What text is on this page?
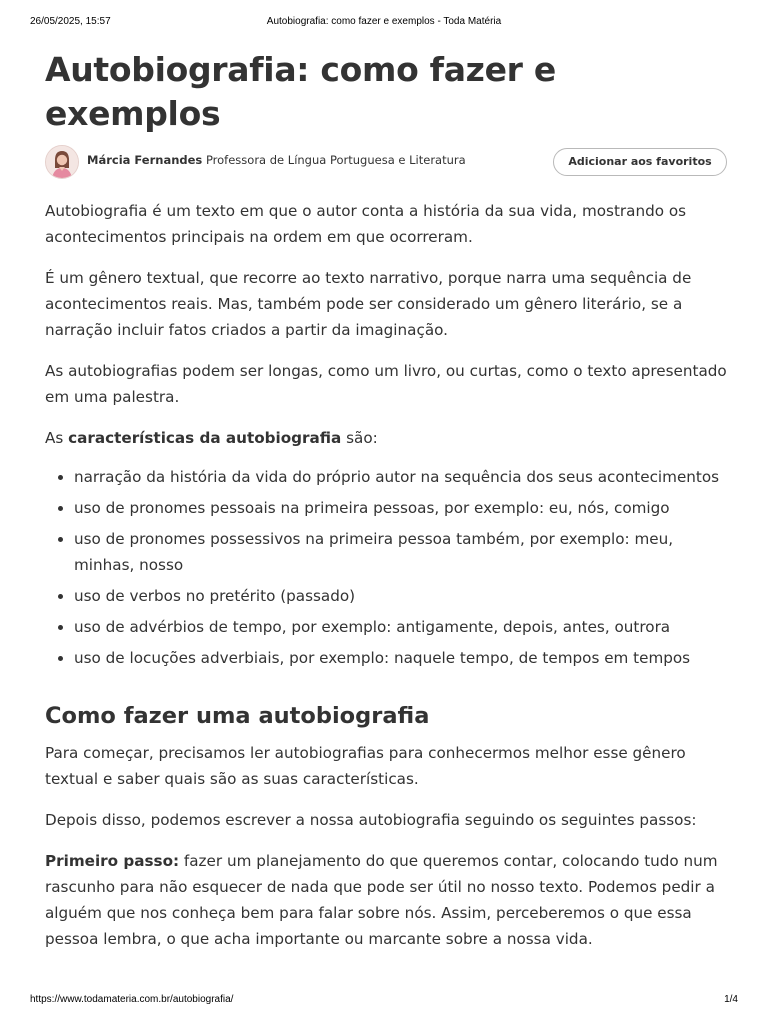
26/05/2025, 15:57	Autobiografia: como fazer e exemplos - Toda Matéria
Autobiografia: como fazer e exemplos
Márcia Fernandes Professora de Língua Portuguesa e Literatura	Adicionar aos favoritos

Autobiografia é um texto em que o autor conta a história da sua vida, mostrando os acontecimentos principais na ordem em que ocorreram.

É um gênero textual, que recorre ao texto narrativo, porque narra uma sequência de acontecimentos reais. Mas, também pode ser considerado um gênero literário, se a narração incluir fatos criados a partir da imaginação.

As autobiografias podem ser longas, como um livro, ou curtas, como o texto apresentado em uma palestra.

As características da autobiografia são:

• narração da história da vida do próprio autor na sequência dos seus acontecimentos
• uso de pronomes pessoais na primeira pessoas, por exemplo: eu, nós, comigo
• uso de pronomes possessivos na primeira pessoa também, por exemplo: meu, minhas, nosso
• uso de verbos no pretérito (passado)
• uso de advérbios de tempo, por exemplo: antigamente, depois, antes, outrora
• uso de locuções adverbiais, por exemplo: naquele tempo, de tempos em tempos
Como fazer uma autobiografia

Para começar, precisamos ler autobiografias para conhecermos melhor esse gênero textual e saber quais são as suas características.

Depois disso, podemos escrever a nossa autobiografia seguindo os seguintes passos:

Primeiro passo: fazer um planejamento do que queremos contar, colocando tudo num rascunho para não esquecer de nada que pode ser útil no nosso texto. Podemos pedir a alguém que nos conheça bem para falar sobre nós. Assim, perceberemos o que essa pessoa lembra, o que acha importante ou marcante sobre a nossa vida.

https://www.todamateria.com.br/autobiografia/	1/4
